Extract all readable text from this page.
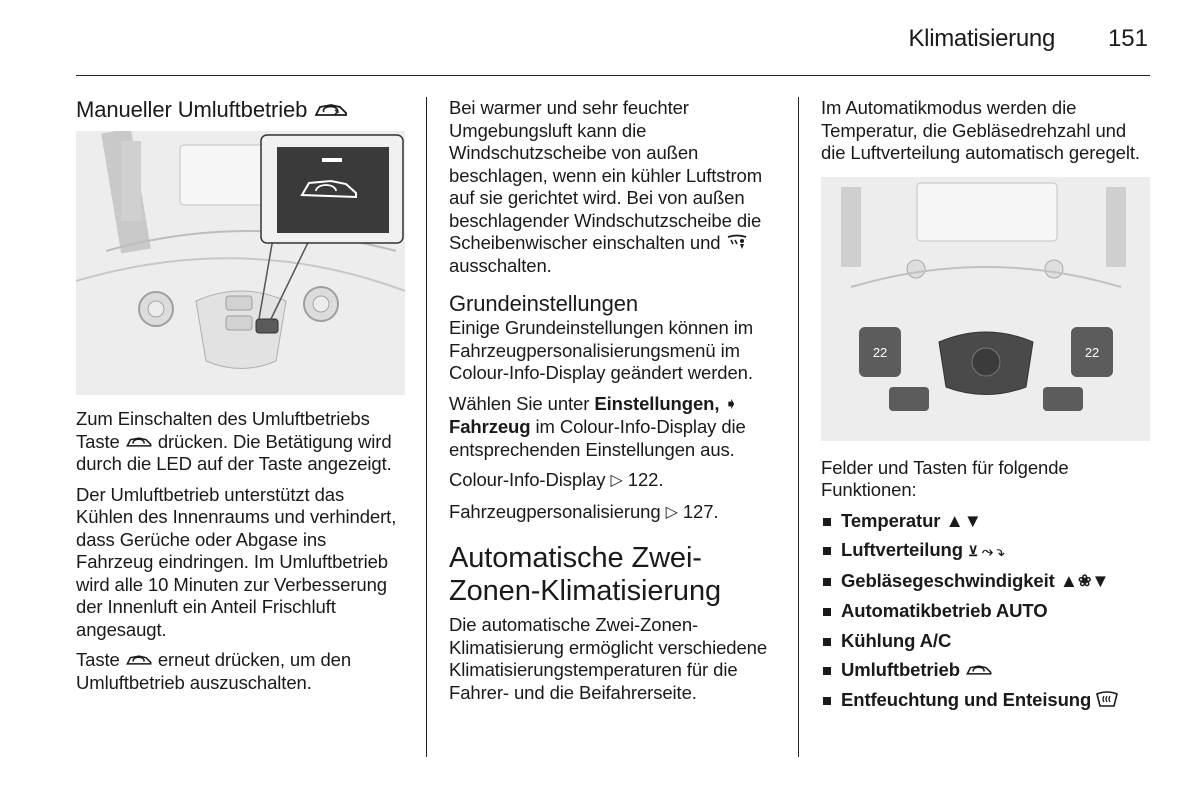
Klimatisierung 151
Manueller Umluftbetrieb

Zum Einschalten des Umluftbetriebs Taste drücken. Die Betätigung wird durch die LED auf der Taste angezeigt.

Der Umluftbetrieb unterstützt das Kühlen des Innenraums und verhindert, dass Gerüche oder Abgase ins Fahrzeug eindringen. Im Umluftbetrieb wird alle 10 Minuten zur Verbesserung der Innenluft ein Anteil Frischluft angesaugt.

Taste erneut drücken, um den Umluftbetrieb auszuschalten.

Bei warmer und sehr feuchter Umgebungsluft kann die Windschutzscheibe von außen beschlagen, wenn ein kühler Luftstrom auf sie gerichtet wird. Bei von außen beschlagender Windschutzscheibe die Scheibenwischer einschalten und  ausschalten.

Grundeinstellungen

Einige Grundeinstellungen können im Fahrzeugpersonalisierungsmenü im Colour-Info-Display geändert werden.

Wählen Sie unter Einstellungen, ➧ Fahrzeug im Colour-Info-Display die entsprechenden Einstellungen aus.

Colour-Info-Display ▷ 122.

Fahrzeugpersonalisierung ▷ 127.

Automatische Zwei-Zonen-Klimatisierung

Die automatische Zwei-Zonen-Klimatisierung ermöglicht verschiedene Klimatisierungstemperaturen für die Fahrer- und die Beifahrerseite.

Im Automatikmodus werden die Temperatur, die Gebläsedrehzahl und die Luftverteilung automatisch geregelt.

22	22

Felder und Tasten für folgende Funktionen:

Temperatur ▲▼
Luftverteilung ⊻ ⤳ ⤵
Gebläsegeschwindigkeit ▲❀▼
Automatikbetrieb AUTO
Kühlung A/C
Umluftbetrieb
Entfeuchtung und Enteisung
